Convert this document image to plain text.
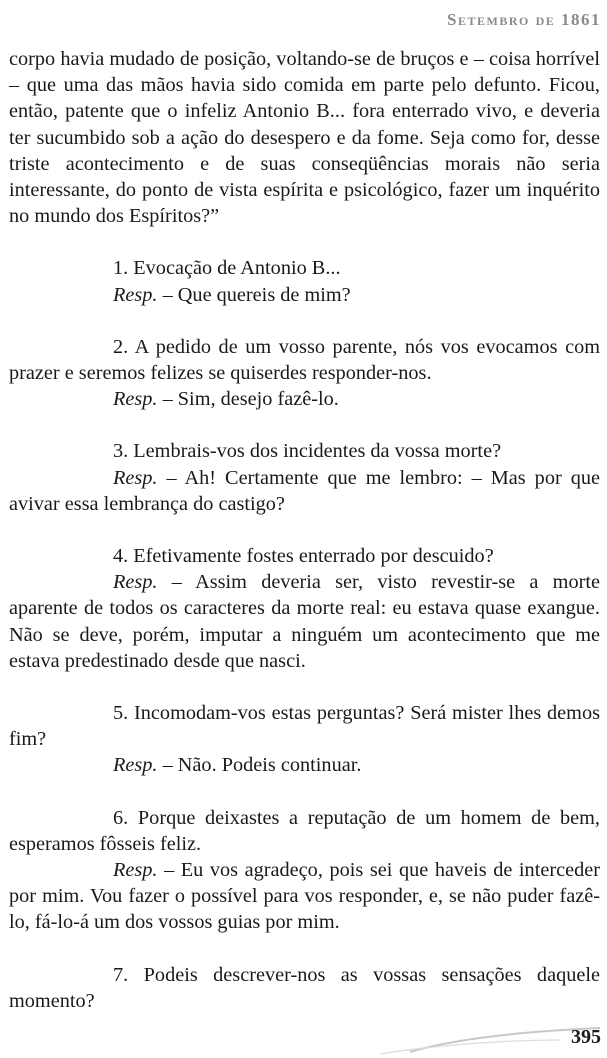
Setembro de 1861

corpo havia mudado de posição, voltando-se de bruços e – coisa horrível – que uma das mãos havia sido comida em parte pelo defunto. Ficou, então, patente que o infeliz Antonio B... fora enterrado vivo, e deveria ter sucumbido sob a ação do desespero e da fome. Seja como for, desse triste acontecimento e de suas conseqüências morais não seria interessante, do ponto de vista espírita e psicológico, fazer um inquérito no mundo dos Espíritos?”

1. Evocação de Antonio B...

Resp. – Que quereis de mim?

2. A pedido de um vosso parente, nós vos evocamos com prazer e seremos felizes se quiserdes responder-nos.

Resp. – Sim, desejo fazê-lo.

3. Lembrais-vos dos incidentes da vossa morte?

Resp. – Ah! Certamente que me lembro: – Mas por que avivar essa lembrança do castigo?

4. Efetivamente fostes enterrado por descuido?

Resp. – Assim deveria ser, visto revestir-se a morte aparente de todos os caracteres da morte real: eu estava quase exangue. Não se deve, porém, imputar a ninguém um acontecimento que me estava predestinado desde que nasci.

5. Incomodam-vos estas perguntas? Será mister lhes demos fim?

Resp. – Não. Podeis continuar.

6. Porque deixastes a reputação de um homem de bem, esperamos fôsseis feliz.

Resp. – Eu vos agradeço, pois sei que haveis de interceder por mim. Vou fazer o possível para vos responder, e, se não puder fazê-lo, fá-lo-á um dos vossos guias por mim.

7. Podeis descrever-nos as vossas sensações daquele momento?

395
